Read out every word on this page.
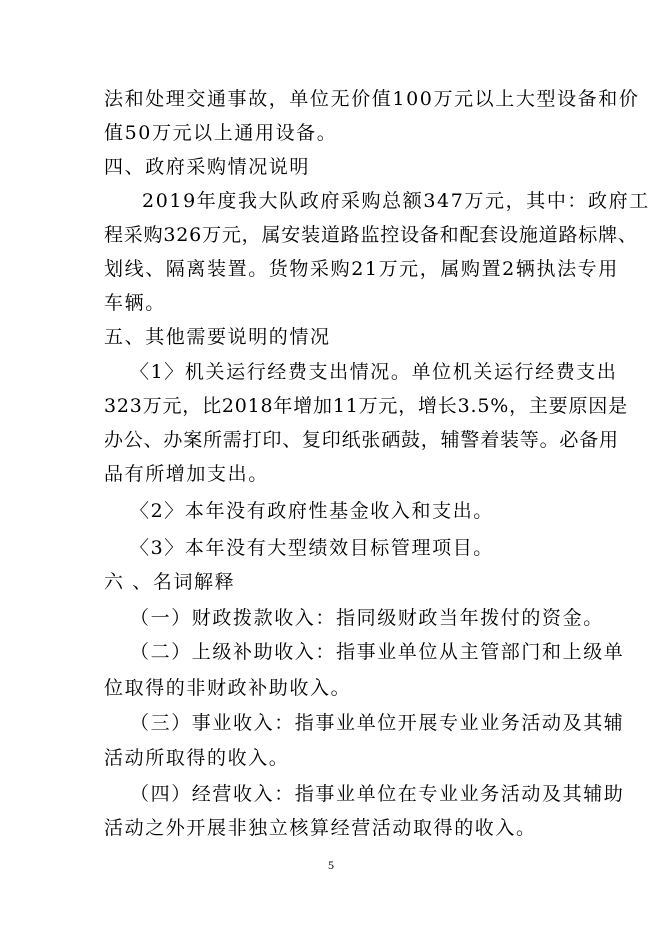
法和处理交通事故，单位无价值100万元以上大型设备和价
值50万元以上通用设备。
四、政府采购情况说明
2019年度我大队政府采购总额347万元，其中：政府工
程采购326万元，属安装道路监控设备和配套设施道路标牌、
划线、隔离装置。货物采购21万元，属购置2辆执法专用
车辆。
五、其他需要说明的情况
〈1〉机关运行经费支出情况。单位机关运行经费支出
323万元，比2018年增加11万元，增长3.5%，主要原因是
办公、办案所需打印、复印纸张硒鼓，辅警着装等。必备用
品有所增加支出。
〈2〉本年没有政府性基金收入和支出。
〈3〉本年没有大型绩效目标管理项目。
六 、名词解释
（一）财政拨款收入：指同级财政当年拨付的资金。
（二）上级补助收入：指事业单位从主管部门和上级单
位取得的非财政补助收入。
（三）事业收入：指事业单位开展专业业务活动及其辅
活动所取得的收入。
（四）经营收入：指事业单位在专业业务活动及其辅助
活动之外开展非独立核算经营活动取得的收入。
5
